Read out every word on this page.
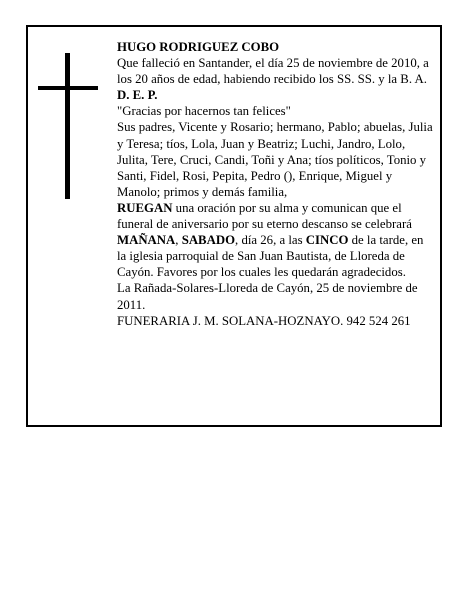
HUGO RODRIGUEZ COBO

Que falleció en Santander, el día 25 de noviembre de 2010, a los 20 años de edad, habiendo recibido los SS. SS. y la B. A.

D. E. P.

"Gracias por hacernos tan felices"

Sus padres, Vicente y Rosario; hermano, Pablo; abuelas, Julia y Teresa; tíos, Lola, Juan y Beatriz; Luchi, Jandro, Lolo, Julita, Tere, Cruci, Candi, Toñi y Ana; tíos políticos, Tonio y Santi, Fidel, Rosi, Pepita, Pedro (), Enrique, Miguel y Manolo; primos y demás familia,

RUEGAN una oración por su alma y comunican que el funeral de aniversario por su eterno descanso se celebrará MAÑANA, SABADO, día 26, a las CINCO de la tarde, en la iglesia parroquial de San Juan Bautista, de Lloreda de Cayón. Favores por los cuales les quedarán agradecidos.

La Rañada-Solares-Lloreda de Cayón, 25 de noviembre de 2011.

FUNERARIA J. M. SOLANA-HOZNAYO. 942 524 261
